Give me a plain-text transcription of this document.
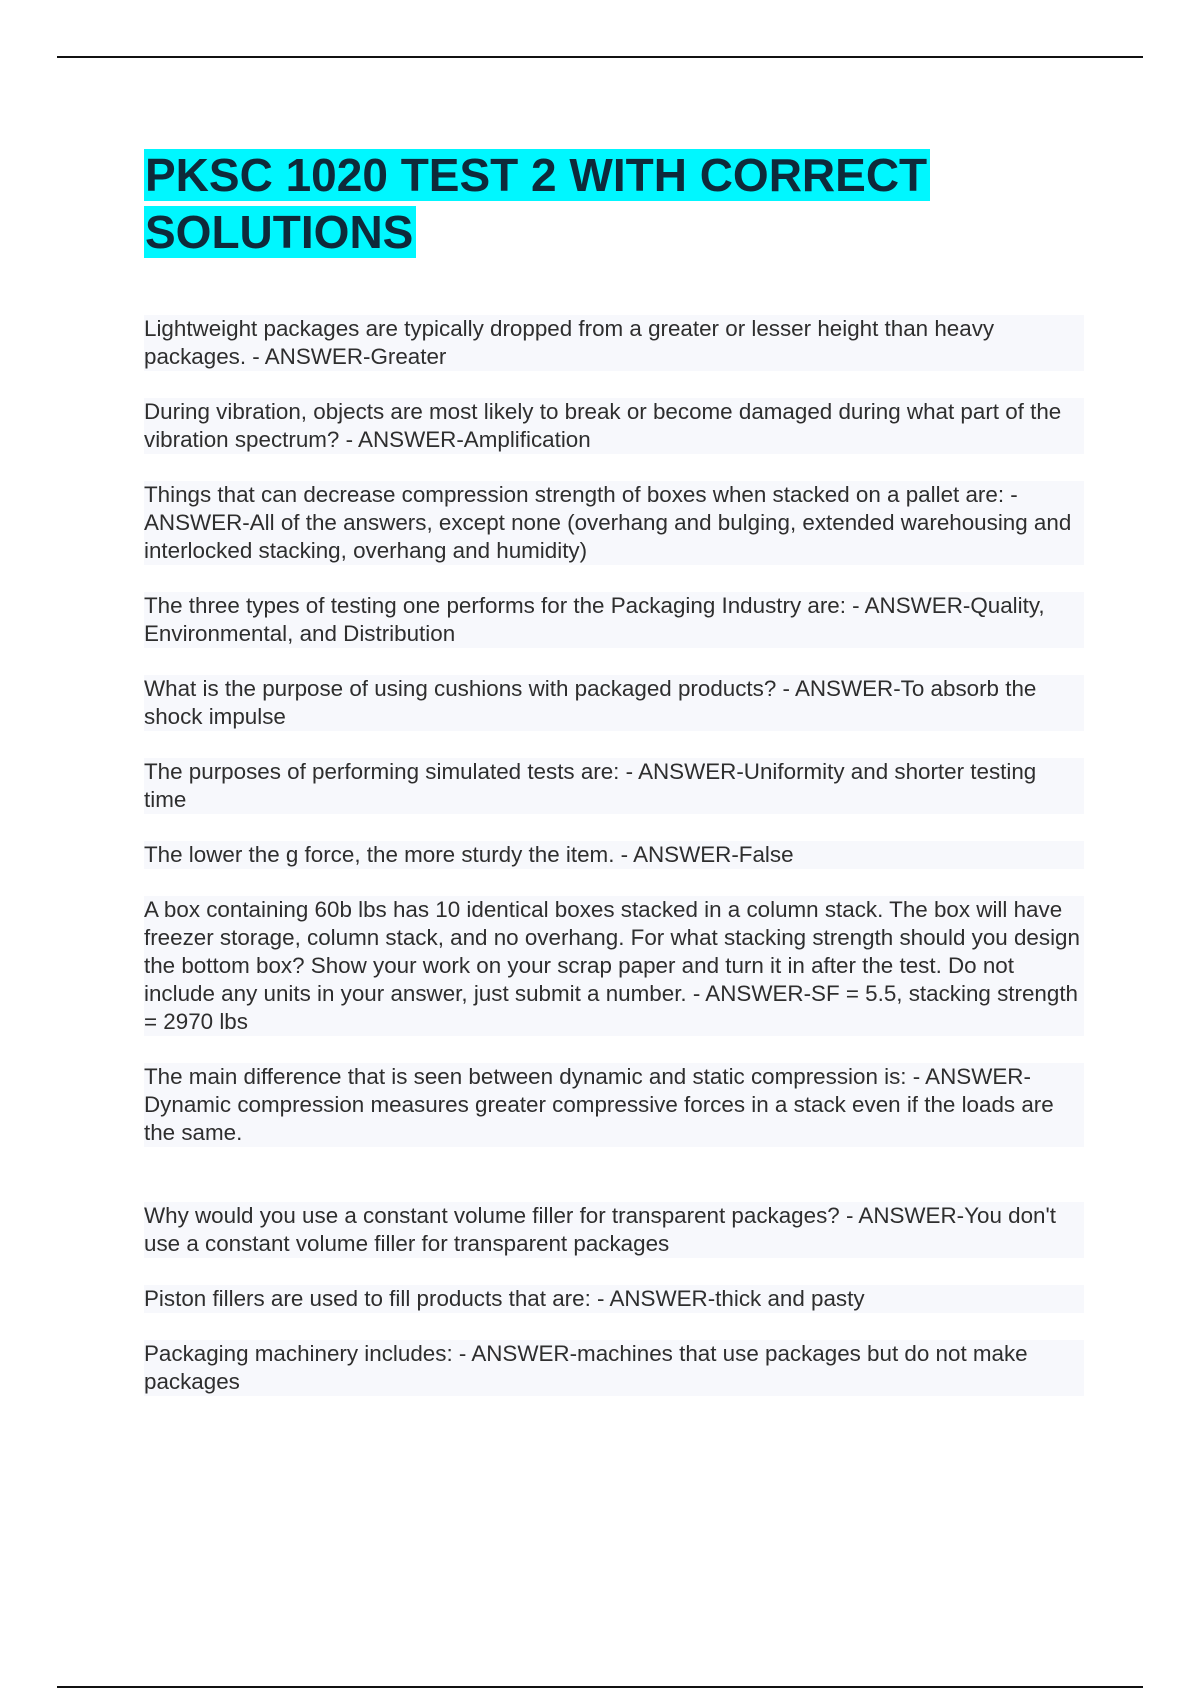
PKSC 1020 TEST 2 WITH CORRECT SOLUTIONS

Lightweight packages are typically dropped from a greater or lesser height than heavy packages. - ANSWER-Greater

During vibration, objects are most likely to break or become damaged during what part of the vibration spectrum? - ANSWER-Amplification

Things that can decrease compression strength of boxes when stacked on a pallet are: - ANSWER-All of the answers, except none (overhang and bulging, extended warehousing and interlocked stacking, overhang and humidity)

The three types of testing one performs for the Packaging Industry are: - ANSWER-Quality, Environmental, and Distribution

What is the purpose of using cushions with packaged products? - ANSWER-To absorb the shock impulse

The purposes of performing simulated tests are: - ANSWER-Uniformity and shorter testing time

The lower the g force, the more sturdy the item. - ANSWER-False

A box containing 60b lbs has 10 identical boxes stacked in a column stack. The box will have freezer storage, column stack, and no overhang. For what stacking strength should you design the bottom box? Show your work on your scrap paper and turn it in after the test. Do not include any units in your answer, just submit a number. - ANSWER-SF = 5.5, stacking strength = 2970 lbs

The main difference that is seen between dynamic and static compression is: - ANSWER-Dynamic compression measures greater compressive forces in a stack even if the loads are the same.

Why would you use a constant volume filler for transparent packages? - ANSWER-You don't use a constant volume filler for transparent packages

Piston fillers are used to fill products that are: - ANSWER-thick and pasty

Packaging machinery includes: - ANSWER-machines that use packages but do not make packages
